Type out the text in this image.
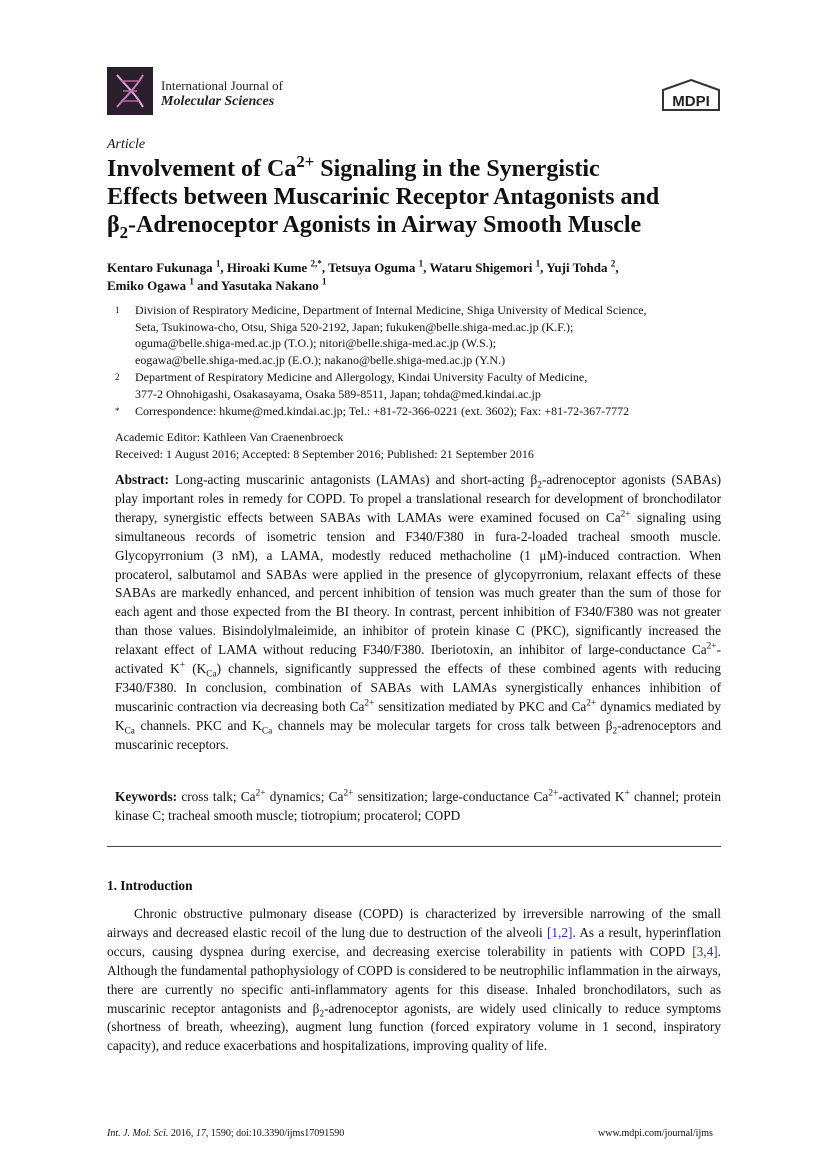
International Journal of
Molecular Sciences	MDPI
Article
Involvement of $Ca^{2+}$ Signaling in the Synergistic
Effects between Muscarinic Receptor Antagonists and
$\beta_2$-Adrenoceptor Agonists in Airway Smooth Muscle
Kentaro Fukunaga $^1$, Hiroaki Kume $^{2,*}$, Tetsuya Oguma $^1$, Wataru Shigemori $^1$, Yuji Tohda $^2$,
Emiko Ogawa $^1$ and Yasutaka Nakano $^1$
1 Division of Respiratory Medicine, Department of Internal Medicine, Shiga University of Medical Science,
Seta, Tsukinowa-cho, Otsu, Shiga 520-2192, Japan; fukuken@belle.shiga-med.ac.jp (K.F.);
oguma@belle.shiga-med.ac.jp (T.O.); nitori@belle.shiga-med.ac.jp (W.S.);
eogawa@belle.shiga-med.ac.jp (E.O.); nakano@belle.shiga-med.ac.jp (Y.N.)
2 Department of Respiratory Medicine and Allergology, Kindai University Faculty of Medicine,
377-2 Ohnohigashi, Osakasayama, Osaka 589-8511, Japan; tohda@med.kindai.ac.jp
* Correspondence: hkume@med.kindai.ac.jp; Tel.: +81-72-366-0221 (ext. 3602); Fax: +81-72-367-7772
Academic Editor: Kathleen Van Craenenbroeck
Received: 1 August 2016; Accepted: 8 September 2016; Published: 21 September 2016
Abstract: Long-acting muscarinic antagonists (LAMAs) and short-acting $\beta_2$-adrenoceptor agonists (SABAs) play important roles in remedy for COPD. To propel a translational research for development of bronchodilator therapy, synergistic effects between SABAs with LAMAs were examined focused on $Ca^{2+}$ signaling using simultaneous records of isometric tension and F340/F380 in fura-2-loaded tracheal smooth muscle. Glycopyrronium (3 nM), a LAMA, modestly reduced methacholine (1 μM)-induced contraction. When procaterol, salbutamol and SABAs were applied in the presence of glycopyrronium, relaxant effects of these SABAs are markedly enhanced, and percent inhibition of tension was much greater than the sum of those for each agent and those expected from the BI theory. In contrast, percent inhibition of F340/F380 was not greater than those values. Bisindolylmaleimide, an inhibitor of protein kinase C (PKC), significantly increased the relaxant effect of LAMA without reducing F340/F380. Iberiotoxin, an inhibitor of large-conductance $Ca^{2+}$-activated K+ $(K_{Ca})$ channels, significantly suppressed the effects of these combined agents with reducing F340/F380. In conclusion, combination of SABAs with LAMAs synergistically enhances inhibition of muscarinic contraction via decreasing both $Ca^{2+}$ sensitization mediated by PKC and $Ca^{2+}$ dynamics mediated by $K_{Ca}$ channels. PKC and $K_{Ca}$ channels may be molecular targets for cross talk between $\beta_2$-adrenoceptors and muscarinic receptors.
Keywords: cross talk; $Ca^{2+}$ dynamics; $Ca^{2+}$ sensitization; large-conductance $Ca^{2+}$-activated K+ channel; protein kinase C; tracheal smooth muscle; tiotropium; procaterol; COPD
1. Introduction
Chronic obstructive pulmonary disease (COPD) is characterized by irreversible narrowing of the small airways and decreased elastic recoil of the lung due to destruction of the alveoli [1,2]. As a result, hyperinflation occurs, causing dyspnea during exercise, and decreasing exercise tolerability in patients with COPD [3,4]. Although the fundamental pathophysiology of COPD is considered to be neutrophilic inflammation in the airways, there are currently no specific anti-inflammatory agents for this disease. Inhaled bronchodilators, such as muscarinic receptor antagonists and $\beta_2$-adrenoceptor agonists, are widely used clinically to reduce symptoms (shortness of breath, wheezing), augment lung function (forced expiratory volume in 1 second, inspiratory capacity), and reduce exacerbations and hospitalizations, improving quality of life.
Int. J. Mol. Sci. 2016, 17, 1590; doi:10.3390/ijms17091590	www.mdpi.com/journal/ijms
